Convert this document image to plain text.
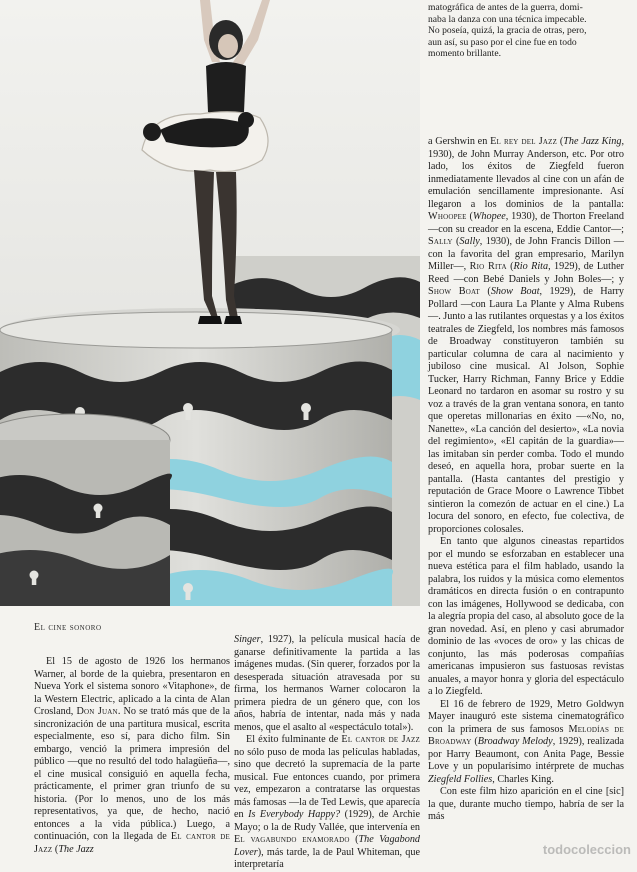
matográfica de antes de la guerra, domi-
naba la danza con una técnica impecable.
No poseía, quizá, la gracia de otras, pero,
aun así, su paso por el cine fue en todo
momento brillante.

a Gershwin en El rey del Jazz (The Jazz King, 1930), de John Murray Anderson, etc. Por otro lado, los éxitos de Ziegfeld fueron inmediatamente llevados al cine con un afán de emulación sencillamente impresionante. Así llegaron a los dominios de la pantalla: Whoopee (Whopee, 1930), de Thorton Freeland —con su creador en la escena, Eddie Cantor—; Sally (Sally, 1930), de John Francis Dillon —con la favorita del gran empresario, Marilyn Miller—, Rio Rita (Rio Rita, 1929), de Luther Reed —con Bebé Daniels y John Boles—; y Show Boat (Show Boat, 1929), de Harry Pollard —con Laura La Plante y Alma Rubens—. Junto a las rutilantes orquestas y a los éxitos teatrales de Ziegfeld, los nombres más famosos de Broadway constituyeron también su particular columna de cara al nacimiento y jubiloso cine musical. Al Jolson, Sophie Tucker, Harry Richman, Fanny Brice y Eddie Leonard no tardaron en asomar su rostro y su voz a través de la gran ventana sonora, en tanto que operetas millonarias en éxito —«No, no, Nanette», «La canción del desierto», «La novia del regimiento», «El capitán de la guardia»— las imitaban sin perder comba. Todo el mundo deseó, en aquella hora, probar suerte en la pantalla. (Hasta cantantes del prestigio y reputación de Grace Moore o Lawrence Tibbet sintieron la comezón de actuar en el cine.) La locura del sonoro, en efecto, fue colectiva, de proporciones colosales.

En tanto que algunos cineastas repartidos por el mundo se esforzaban en establecer una nueva estética para el film hablado, usando la palabra, los ruidos y la música como elementos dramáticos en directa fusión o en contrapunto con las imágenes, Hollywood se dedicaba, con la alegría propia del caso, al absoluto goce de la gran novedad. Así, en pleno y casi abrumador dominio de las «voces de oro» y las chicas de conjunto, las más poderosas compañías americanas impusieron sus fastuosas revistas anuales, a mayor honra y gloria del espectáculo a lo Ziegfeld.

El 16 de febrero de 1929, Metro Goldwyn Mayer inauguró este sistema cinematográfico con la primera de sus famosos Melodías de Broadway (Broadway Melody, 1929), realizada por Harry Beaumont, con Anita Page, Bessie Love y un popularísimo intérprete de muchas Ziegfeld Follies, Charles King.

Con este film hizo aparición en el cine [sic] la que, durante mucho tiempo, habría de ser la más

El cine sonoro

El 15 de agosto de 1926 los hermanos Warner, al borde de la quiebra, presentaron en Nueva York el sistema sonoro «Vitaphone», de la Western Electric, aplicado a la cinta de Alan Crosland, Don Juan. No se trató más que de la sincronización de una partitura musical, escrita especialmente, eso sí, para dicho film. Sin embargo, venció la primera impresión del público —que no resultó del todo halagüeña—, el cine musical consiguió en aquella fecha, prácticamente, el primer gran triunfo de su historia. (Por lo menos, uno de los más representativos, ya que, de hecho, nació entonces a la vida pública.) Luego, a continuación, con la llegada de El cantor de Jazz (The Jazz

Singer, 1927), la película musical hacía de ganarse definitivamente la partida a las imágenes mudas. (Sin querer, forzados por la desesperada situación atravesada por su firma, los hermanos Warner colocaron la primera piedra de un género que, con los años, habría de intentar, nada más y nada menos, que el asalto al «espectáculo total»).

El éxito fulminante de El cantor de Jazz no sólo puso de moda las películas habladas, sino que decretó la supremacía de la parte musical. Fue entonces cuando, por primera vez, empezaron a contratarse las orquestas más famosas —la de Ted Lewis, que aparecía en Is Everybody Happy? (1929), de Archie Mayo; o la de Rudy Vallée, que intervenía en El vagabundo enamorado (The Vagabond Lover), más tarde, la de Paul Whiteman, que interpretaría

todocoleccion
